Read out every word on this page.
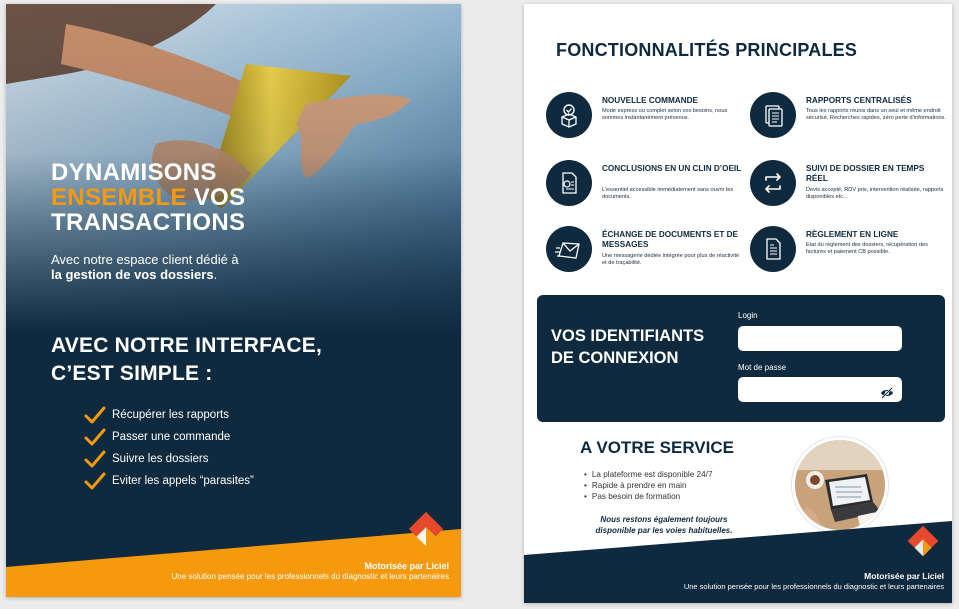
DYNAMISONS
ENSEMBLE VOS
TRANSACTIONS
Avec notre espace client dédié à
la gestion de vos dossiers.
AVEC NOTRE INTERFACE,
C’EST SIMPLE :
Récupérer les rapports
Passer une commande
Suivre les dossiers
Eviter les appels “parasites”
Motorisée par Liciel
Une solution pensée pour les professionnels du diagnostic et leurs partenaires
FONCTIONNALITÉS PRINCIPALES
NOUVELLE COMMANDE
Mode express ou complet selon vos besoins, nous sommes instantanément prévenus.
RAPPORTS CENTRALISÉS
Tous les rapports réunis dans un seul et même endroit sécurisé. Recherches rapides, zéro perte d’informations.
CONCLUSIONS EN UN CLIN D’OEIL
L’essentiel accessible immédiatement sans ouvrir les documents.
SUIVI DE DOSSIER EN TEMPS RÉEL
Devis accepté, RDV pris, intervention réalisée, rapports disponibles etc...
ÉCHANGE DE DOCUMENTS ET DE MESSAGES
Une messagerie dédiée intégrée pour plus de réactivité et de traçabilité.
RÈGLEMENT EN LIGNE
Etat du règlement des dossiers, récupération des factures et paiement CB possible.
VOS IDENTIFIANTS
DE CONNEXION
Login
Mot de passe
A VOTRE SERVICE
• La plateforme est disponible 24/7
• Rapide à prendre en main
• Pas besoin de formation
Nous restons également toujours
disponible par les voies habituelles.
Motorisée par Liciel
Une solution pensée pour les professionnels du diagnostic et leurs partenaires
